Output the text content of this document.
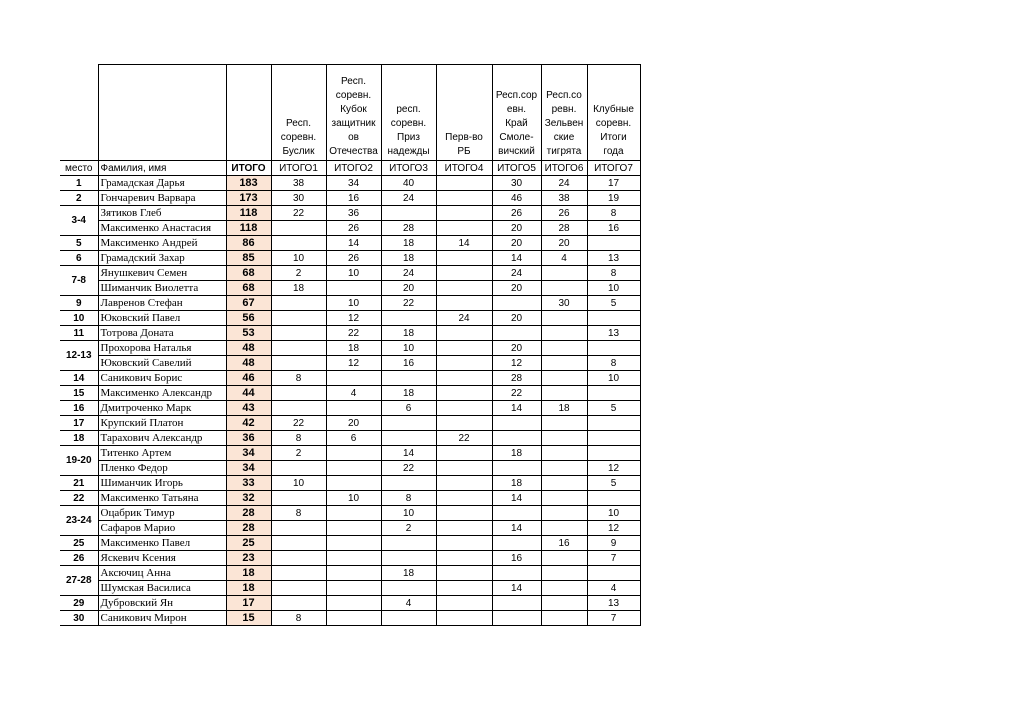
			Респ. соревн. Буслик	Респ. соревн. Кубок защитник ов Отечества	респ. соревн. Приз надежды	Перв-во РБ	Респ.сор евн. Край Смоле- вичский	Респ.со ревн. Зельвен ские тигрята	Клубные соревн. Итоги года
место	Фамилия, имя	ИТОГО	ИТОГО1	ИТОГО2	ИТОГО3	ИТОГО4	ИТОГО5	ИТОГО6	ИТОГО7
1	Грамадская Дарья	183	38	34	40		30	24	17
2	Гончаревич Варвара	173	30	16	24		46	38	19
3-4	Зятиков Глеб	118	22	36			26	26	8
	Максименко Анастасия	118		26	28		20	28	16
5	Максименко Андрей	86		14	18	14	20	20	
6	Грамадский Захар	85	10	26	18		14	4	13
7-8	Янушкевич Семен	68	2	10	24		24		8
	Шиманчик Виолетта	68	18		20		20		10
9	Лавренов Стефан	67		10	22			30	5
10	Юковский Павел	56		12		24	20		
11	Тотрова Доната	53		22	18				13
12-13	Прохорова Наталья	48		18	10		20		
	Юковский Савелий	48		12	16		12		8
14	Саникович Борис	46	8				28		10
15	Максименко Александр	44		4	18		22		
16	Дмитроченко Марк	43			6		14	18	5
17	Крупский Платон	42	22	20					
18	Тарахович Александр	36	8	6		22			
19-20	Титенко Артем	34	2		14		18		
	Пленко Федор	34			22				12
21	Шиманчик Игорь	33	10				18		5
22	Максименко Татьяна	32		10	8		14		
23-24	Оцабрик Тимур	28	8		10				10
	Сафаров Марио	28			2		14		12
25	Максименко Павел	25						16	9
26	Яскевич Ксения	23					16		7
27-28	Аксючиц Анна	18			18				
	Шумская Василиса	18					14		4
29	Дубровский Ян	17			4				13
30	Саникович Мирон	15	8						7
